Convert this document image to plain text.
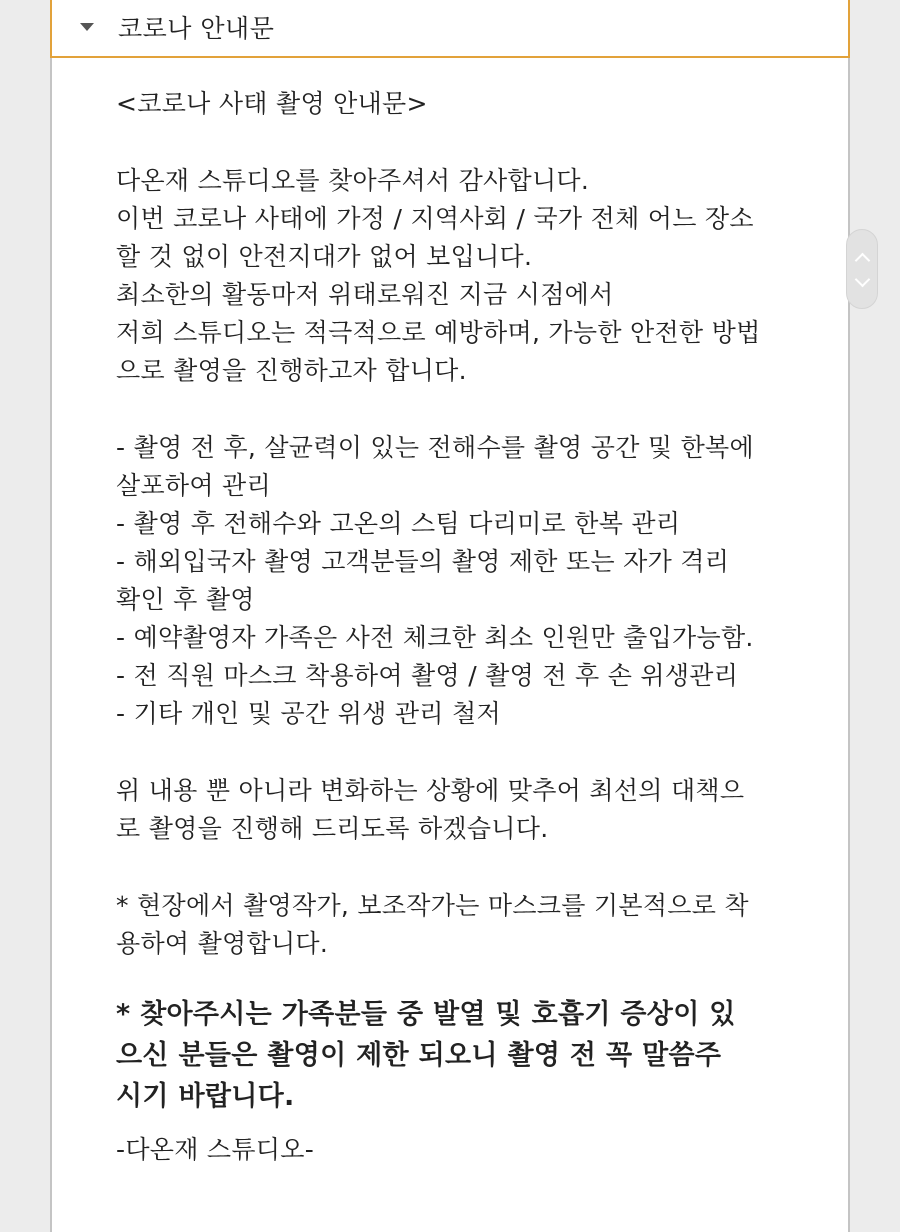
코로나 안내문
<코로나 사태 촬영 안내문>
다온재 스튜디오를 찾아주셔서 감사합니다.
이번 코로나 사태에 가정 / 지역사회 / 국가 전체 어느 장소
할 것 없이 안전지대가 없어 보입니다.
최소한의 활동마저 위태로워진 지금 시점에서
저희 스튜디오는 적극적으로 예방하며, 가능한 안전한 방법
으로 촬영을 진행하고자 합니다.
- 촬영 전 후, 살균력이 있는 전해수를 촬영 공간 및 한복에
살포하여 관리
- 촬영 후 전해수와 고온의 스팀 다리미로 한복 관리
- 해외입국자 촬영 고객분들의 촬영 제한 또는 자가 격리
확인 후 촬영
- 예약촬영자 가족은 사전 체크한 최소 인원만 출입가능함.
- 전 직원 마스크 착용하여 촬영 / 촬영 전 후 손 위생관리
- 기타 개인 및 공간 위생 관리 철저
위 내용 뿐 아니라 변화하는 상황에 맞추어 최선의 대책으
로 촬영을 진행해 드리도록 하겠습니다.
* 현장에서 촬영작가, 보조작가는 마스크를 기본적으로 착
용하여 촬영합니다.
* 찾아주시는 가족분들 중 발열 및 호흡기 증상이 있
으신 분들은 촬영이 제한 되오니 촬영 전 꼭 말씀주
시기 바랍니다.
-다온재 스튜디오-
